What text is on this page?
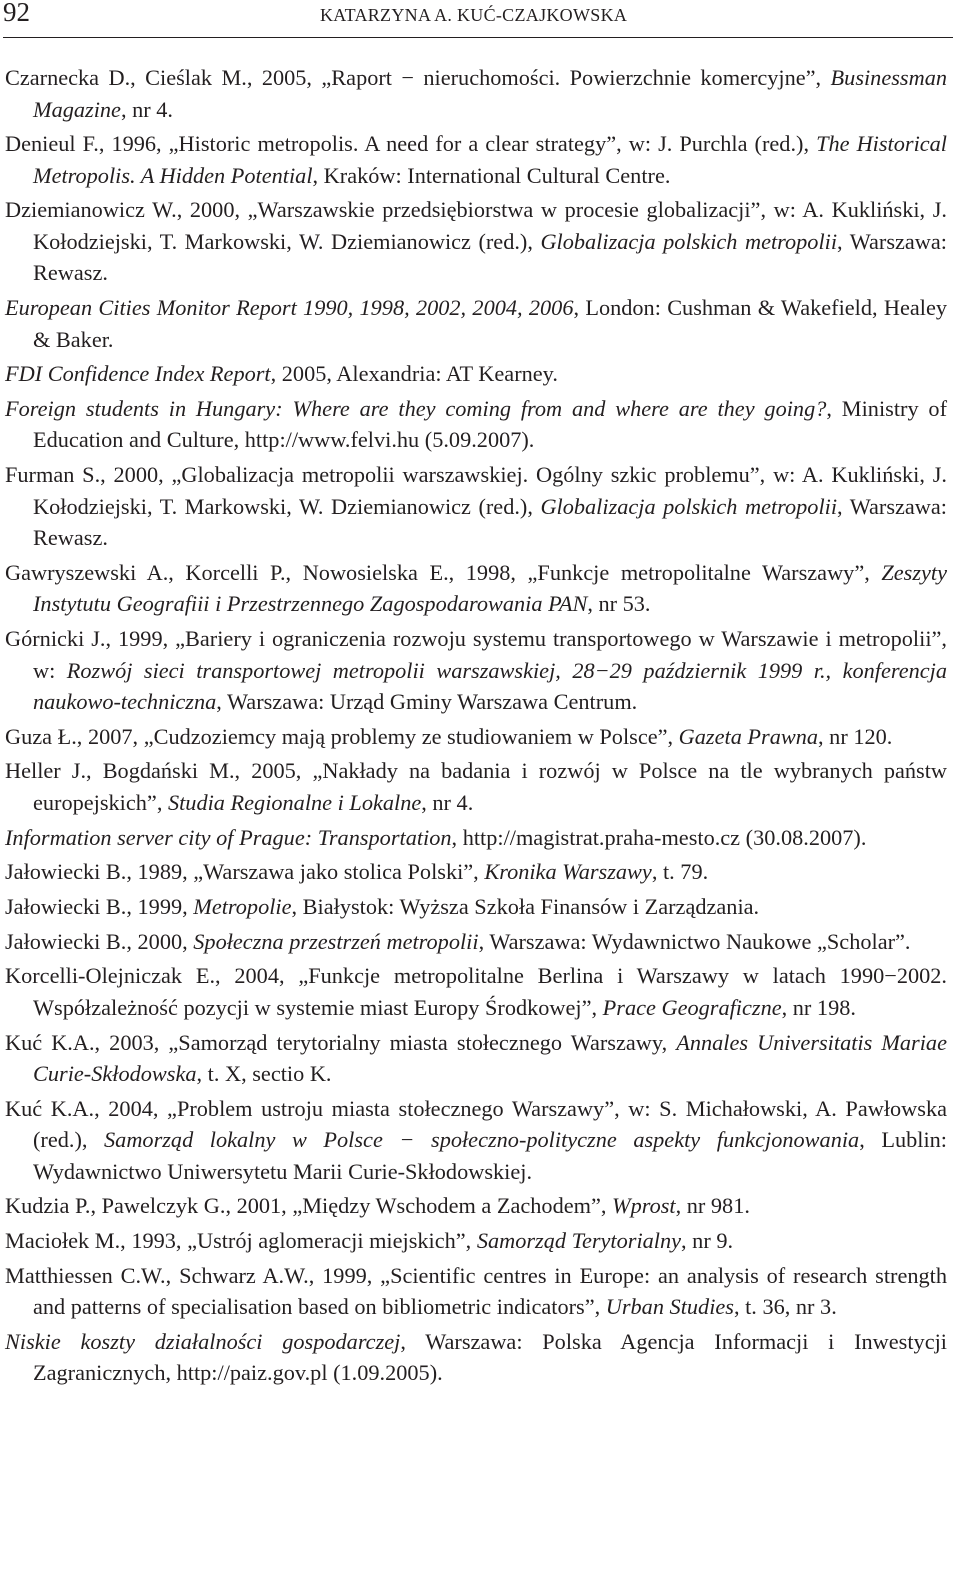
92	KATARZYNA A. KUĆ-CZAJKOWSKA
Czarnecka D., Cieślak M., 2005, „Raport − nieruchomości. Powierzchnie komercyjne”, Businessman Magazine, nr 4.
Denieul F., 1996, „Historic metropolis. A need for a clear strategy”, w: J. Purchla (red.), The Historical Metropolis. A Hidden Potential, Kraków: International Cultural Centre.
Dziemianowicz W., 2000, „Warszawskie przedsiębiorstwa w procesie globalizacji”, w: A. Kukliński, J. Kołodziejski, T. Markowski, W. Dziemianowicz (red.), Globalizacja polskich metropolii, Warszawa: Rewasz.
European Cities Monitor Report 1990, 1998, 2002, 2004, 2006, London: Cushman & Wakefield, Healey & Baker.
FDI Confidence Index Report, 2005, Alexandria: AT Kearney.
Foreign students in Hungary: Where are they coming from and where are they going?, Ministry of Education and Culture, http://www.felvi.hu (5.09.2007).
Furman S., 2000, „Globalizacja metropolii warszawskiej. Ogólny szkic problemu”, w: A. Kukliński, J. Kołodziejski, T. Markowski, W. Dziemianowicz (red.), Globalizacja polskich metropolii, Warszawa: Rewasz.
Gawryszewski A., Korcelli P., Nowosielska E., 1998, „Funkcje metropolitalne Warszawy”, Zeszyty Instytutu Geografiii i Przestrzennego Zagospodarowania PAN, nr 53.
Górnicki J., 1999, „Bariery i ograniczenia rozwoju systemu transportowego w Warszawie i metropolii”, w: Rozwój sieci transportowej metropolii warszawskiej, 28−29 październik 1999 r., konferencja naukowo-techniczna, Warszawa: Urząd Gminy Warszawa Centrum.
Guza Ł., 2007, „Cudzoziemcy mają problemy ze studiowaniem w Polsce”, Gazeta Prawna, nr 120.
Heller J., Bogdański M., 2005, „Nakłady na badania i rozwój w Polsce na tle wybranych państw europejskich”, Studia Regionalne i Lokalne, nr 4.
Information server city of Prague: Transportation, http://magistrat.praha-mesto.cz (30.08.2007).
Jałowiecki B., 1989, „Warszawa jako stolica Polski”, Kronika Warszawy, t. 79.
Jałowiecki B., 1999, Metropolie, Białystok: Wyższa Szkoła Finansów i Zarządzania.
Jałowiecki B., 2000, Społeczna przestrzeń metropolii, Warszawa: Wydawnictwo Naukowe „Scholar”.
Korcelli-Olejniczak E., 2004, „Funkcje metropolitalne Berlina i Warszawy w latach 1990−2002. Współzależność pozycji w systemie miast Europy Środkowej”, Prace Geograficzne, nr 198.
Kuć K.A., 2003, „Samorząd terytorialny miasta stołecznego Warszawy, Annales Universitatis Mariae Curie-Skłodowska, t. X, sectio K.
Kuć K.A., 2004, „Problem ustroju miasta stołecznego Warszawy”, w: S. Michałowski, A. Pawłowska (red.), Samorząd lokalny w Polsce − społeczno-polityczne aspekty funkcjonowania, Lublin: Wydawnictwo Uniwersytetu Marii Curie-Skłodowskiej.
Kudzia P., Pawelczyk G., 2001, „Między Wschodem a Zachodem”, Wprost, nr 981.
Maciołek M., 1993, „Ustrój aglomeracji miejskich”, Samorząd Terytorialny, nr 9.
Matthiessen C.W., Schwarz A.W., 1999, „Scientific centres in Europe: an analysis of research strength and patterns of specialisation based on bibliometric indicators”, Urban Studies, t. 36, nr 3.
Niskie koszty działalności gospodarczej, Warszawa: Polska Agencja Informacji i Inwestycji Zagranicznych, http://paiz.gov.pl (1.09.2005).
